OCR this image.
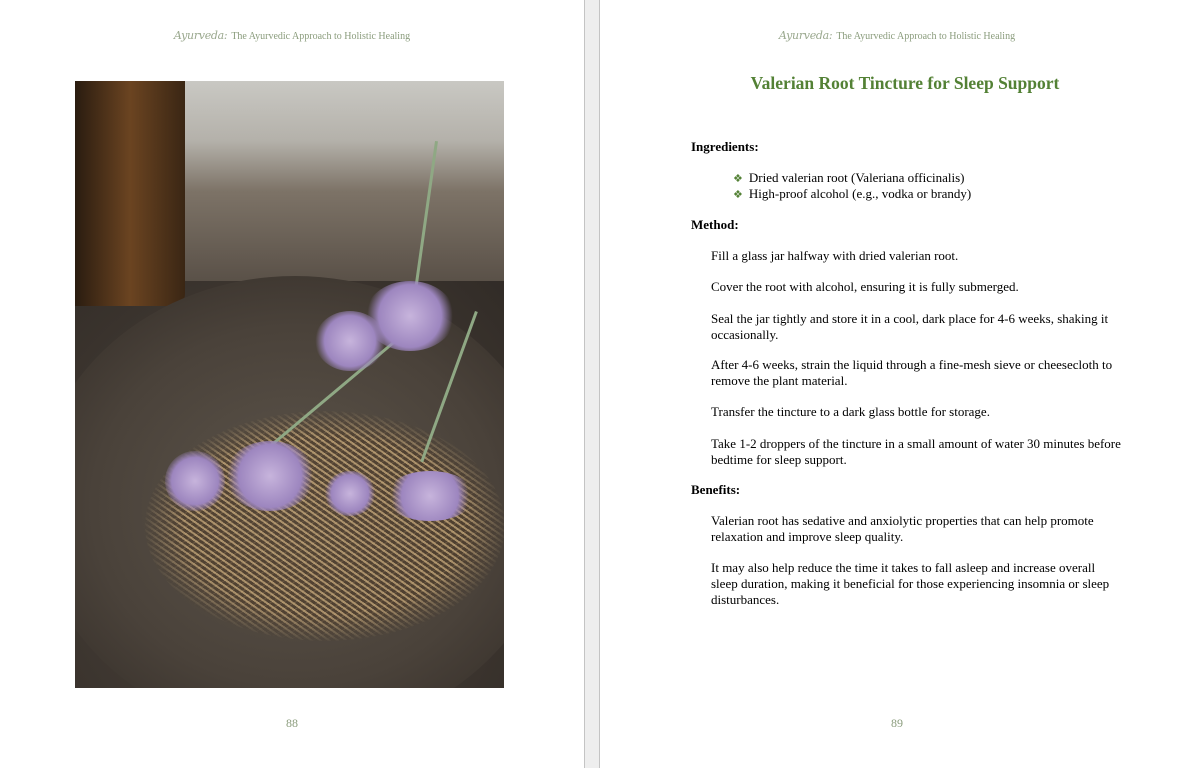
Ayurveda: The Ayurvedic Approach to Holistic Healing
88
Ayurveda: The Ayurvedic Approach to Holistic Healing
Valerian Root Tincture for Sleep Support
Ingredients:
❖ Dried valerian root (Valeriana officinalis)
❖ High-proof alcohol (e.g., vodka or brandy)
Method:
Fill a glass jar halfway with dried valerian root.
Cover the root with alcohol, ensuring it is fully submerged.
Seal the jar tightly and store it in a cool, dark place for 4-6 weeks, shaking it occasionally.
After 4-6 weeks, strain the liquid through a fine-mesh sieve or cheesecloth to remove the plant material.
Transfer the tincture to a dark glass bottle for storage.
Take 1-2 droppers of the tincture in a small amount of water 30 minutes before bedtime for sleep support.
Benefits:
Valerian root has sedative and anxiolytic properties that can help promote relaxation and improve sleep quality.
It may also help reduce the time it takes to fall asleep and increase overall sleep duration, making it beneficial for those experiencing insomnia or sleep disturbances.
89
